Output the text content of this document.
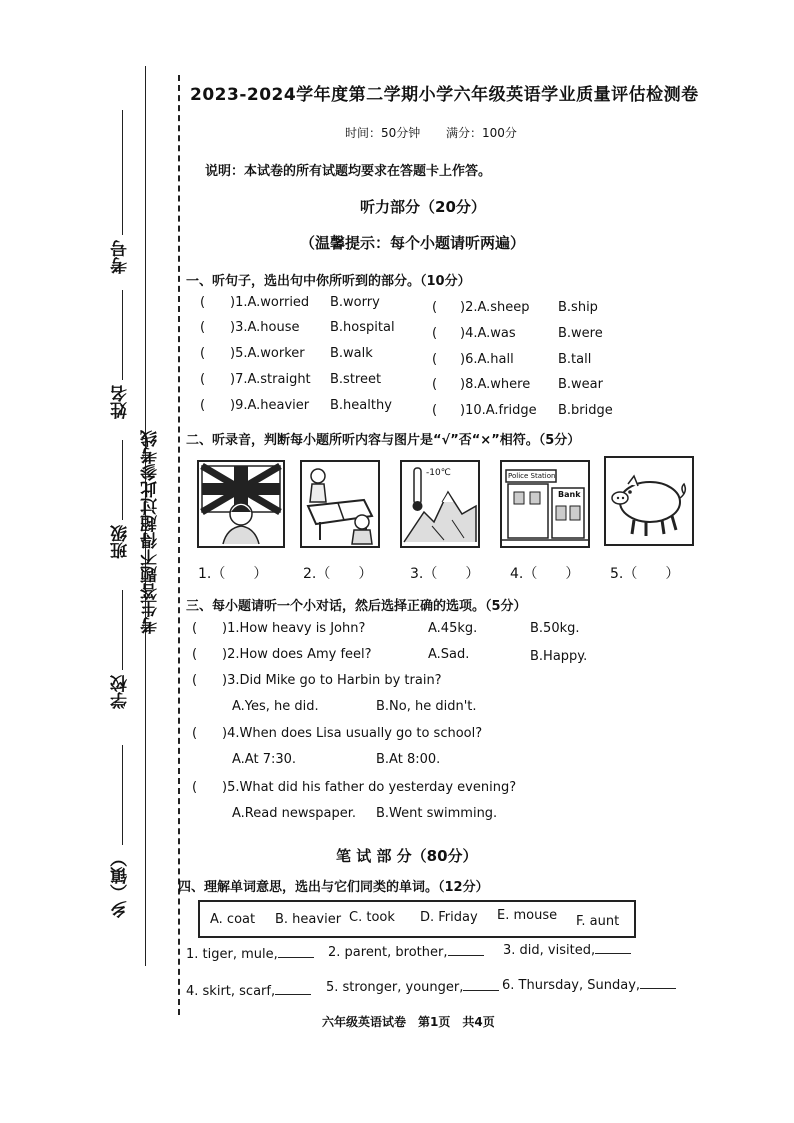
考号
姓名
班级
学校
乡（镇）
考生答题不得超过此参考线
2023-2024学年度第二学期小学六年级英语学业质量评估检测卷
时间：50分钟 满分：100分
说明：本试卷的所有试题均要求在答题卡上作答。
听力部分（20分）
（温馨提示：每个小题请听两遍）
一、听句子，选出句中你所听到的部分。（10分）
( )1.A.worried B.worry	( )2.A.sheep B.ship
( )3.A.house B.hospital	( )4.A.was	B.were
( )5.A.worker B.walk	( )6.A.hall	B.tall
( )7.A.straight B.street	( )8.A.where B.wear
( )9.A.heavier B.healthy	( )10.A.fridge B.bridge
二、听录音，判断每小题所听内容与图片是“√”否“×”相符。（5分）
-10℃	Police Station
Bank
1.（　　）	2.（　　）	3.（　　） 4.（　　） 5.（　　）
三、每小题请听一个小对话，然后选择正确的选项。（5分）
( )1.How heavy is John?	A.45kg.	B.50kg.
( )2.How does Amy feel?	A.Sad.	B.Happy.
( )3.Did Mike go to Harbin by train?
A.Yes, he did.	B.No, he didn't.
( )4.When does Lisa usually go to school?
A.At 7:30.	B.At 8:00.
( )5.What did his father do yesterday evening?
A.Read newspaper. B.Went swimming.
笔 试 部 分（80分）
四、理解单词意思，选出与它们同类的单词。（12分）
A. coat B. heavier C. took D. Friday E. mouse F. aunt
1. tiger, mule,	2. parent, brother,	3. did, visited,
4. skirt, scarf,	5. stronger, younger,	6. Thursday, Sunday,
六年级英语试卷　第1页　共4页
